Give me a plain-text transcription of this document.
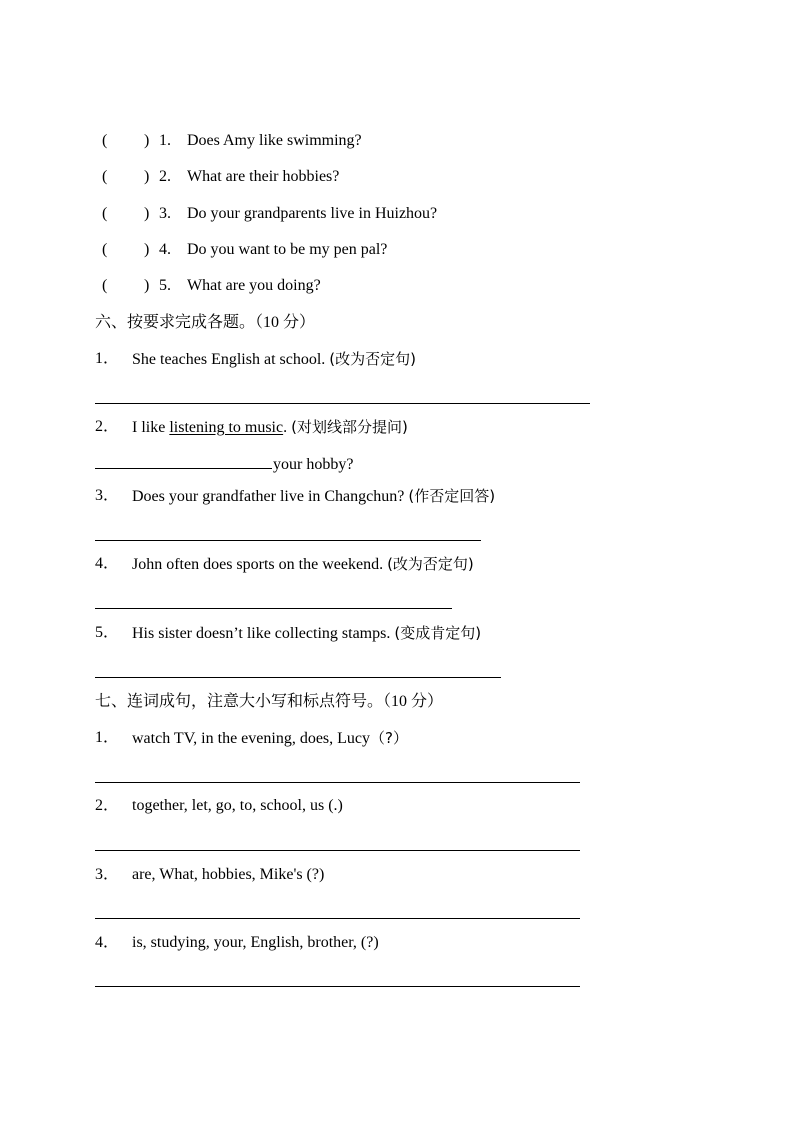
( ) 1. Does Amy like swimming?
( ) 2. What are their hobbies?
( ) 3. Do your grandparents live in Huizhou?
( ) 4. Do you want to be my pen pal?
( ) 5. What are you doing?
六、按要求完成各题。（10 分）
1． She teaches English at school. (改为否定句)
2． I like listening to music. (对划线部分提问)
your hobby?
3． Does your grandfather live in Changchun? (作否定回答)
4． John often does sports on the weekend. (改为否定句)
5． His sister doesn’t like collecting stamps. (变成肯定句)
七、连词成句，注意大小写和标点符号。（10 分）
1． watch TV, in the evening, does, Lucy（?）
2． together, let, go, to, school, us (.)
3． are, What, hobbies, Mike's (?)
4． is, studying, your, English, brother, (?)
